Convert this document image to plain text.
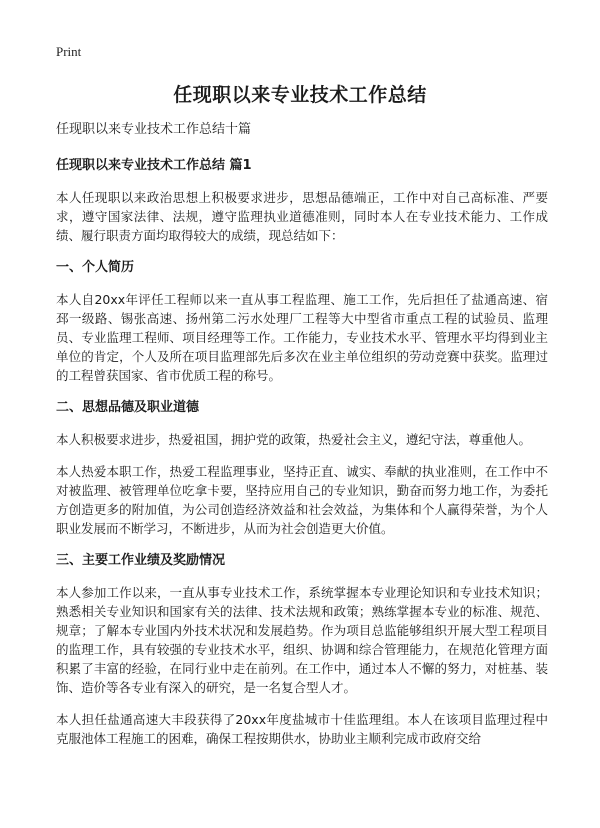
Print
任现职以来专业技术工作总结

任现职以来专业技术工作总结十篇

任现职以来专业技术工作总结 篇1

本人任现职以来政治思想上积极要求进步，思想品德端正，工作中对自己高标准、严要求，遵守国家法律、法规，遵守监理执业道德准则，同时本人在专业技术能力、工作成绩、履行职责方面均取得较大的成绩，现总结如下：

一、个人简历

本人自20xx年评任工程师以来一直从事工程监理、施工工作，先后担任了盐通高速、宿邳一级路、锡张高速、扬州第二污水处理厂工程等大中型省市重点工程的试验员、监理员、专业监理工程师、项目经理等工作。工作能力，专业技术水平、管理水平均得到业主单位的肯定，个人及所在项目监理部先后多次在业主单位组织的劳动竞赛中获奖。监理过的工程曾获国家、省市优质工程的称号。

二、思想品德及职业道德

本人积极要求进步，热爱祖国，拥护党的政策，热爱社会主义，遵纪守法，尊重他人。

本人热爱本职工作，热爱工程监理事业，坚持正直、诚实、奉献的执业准则，在工作中不对被监理、被管理单位吃拿卡要，坚持应用自己的专业知识，勤奋而努力地工作，为委托方创造更多的附加值，为公司创造经济效益和社会效益，为集体和个人赢得荣誉，为个人职业发展而不断学习，不断进步，从而为社会创造更大价值。

三、主要工作业绩及奖励情况

本人参加工作以来，一直从事专业技术工作，系统掌握本专业理论知识和专业技术知识；熟悉相关专业知识和国家有关的法律、技术法规和政策；熟练掌握本专业的标准、规范、规章；了解本专业国内外技术状况和发展趋势。作为项目总监能够组织开展大型工程项目的监理工作，具有较强的专业技术水平，组织、协调和综合管理能力，在规范化管理方面积累了丰富的经验，在同行业中走在前列。在工作中，通过本人不懈的努力，对桩基、装饰、造价等各专业有深入的研究，是一名复合型人才。

本人担任盐通高速大丰段获得了20xx年度盐城市十佳监理组。本人在该项目监理过程中克服池体工程施工的困难，确保工程按期供水，协助业主顺利完成市政府交给
